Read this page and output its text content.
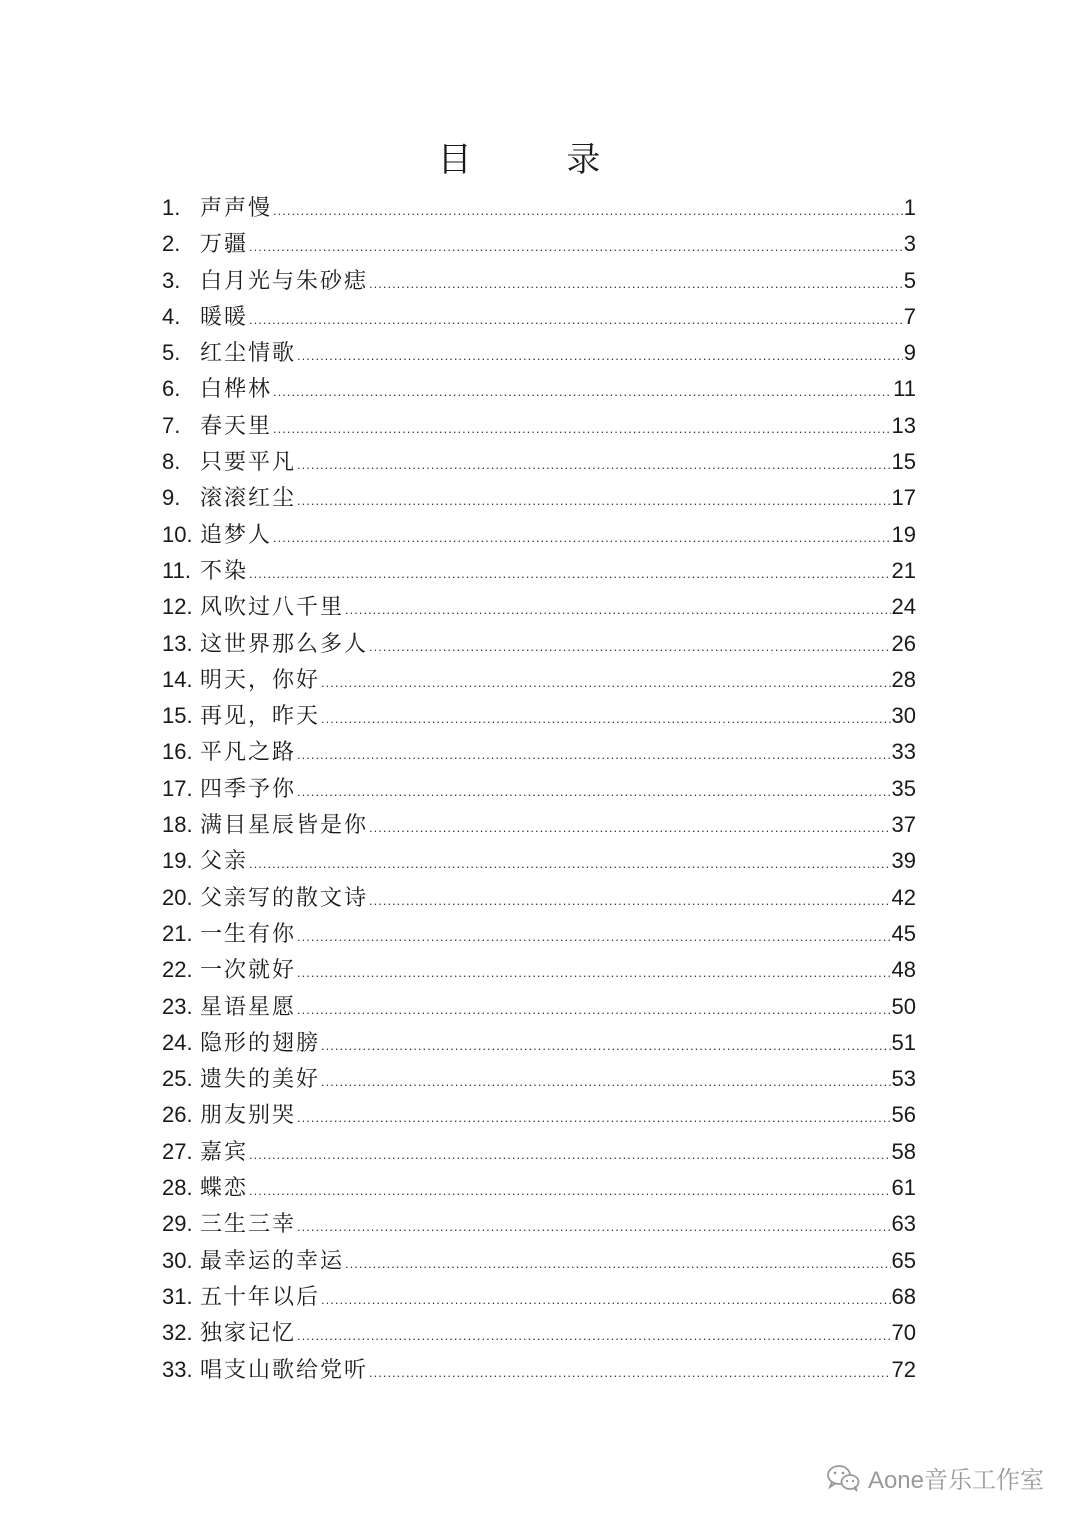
目 录
1. 声声慢 .....	1
2. 万疆 .....	3
3. 白月光与朱砂痣 .....	5
4. 暖暖 .....	7
5. 红尘情歌 .....	9
6. 白桦林 .....	11
7. 春天里 .....	13
8. 只要平凡 .....	15
9. 滚滚红尘 .....	17
10. 追梦人 .....	19
11. 不染 .....	21
12. 风吹过八千里 .....	24
13. 这世界那么多人 .....	26
14. 明天，你好 .....	28
15. 再见，昨天 .....	30
16. 平凡之路 .....	33
17. 四季予你 .....	35
18. 满目星辰皆是你 .....	37
19. 父亲 .....	39
20. 父亲写的散文诗 .....	42
21. 一生有你 .....	45
22. 一次就好 .....	48
23. 星语星愿 .....	50
24. 隐形的翅膀 .....	51
25. 遗失的美好 .....	53
26. 朋友别哭 .....	56
27. 嘉宾 .....	58
28. 蝶恋 .....	61
29. 三生三幸 .....	63
30. 最幸运的幸运 .....	65
31. 五十年以后 .....	68
32. 独家记忆 .....	70
33. 唱支山歌给党听 .....	72
Aone音乐工作室
